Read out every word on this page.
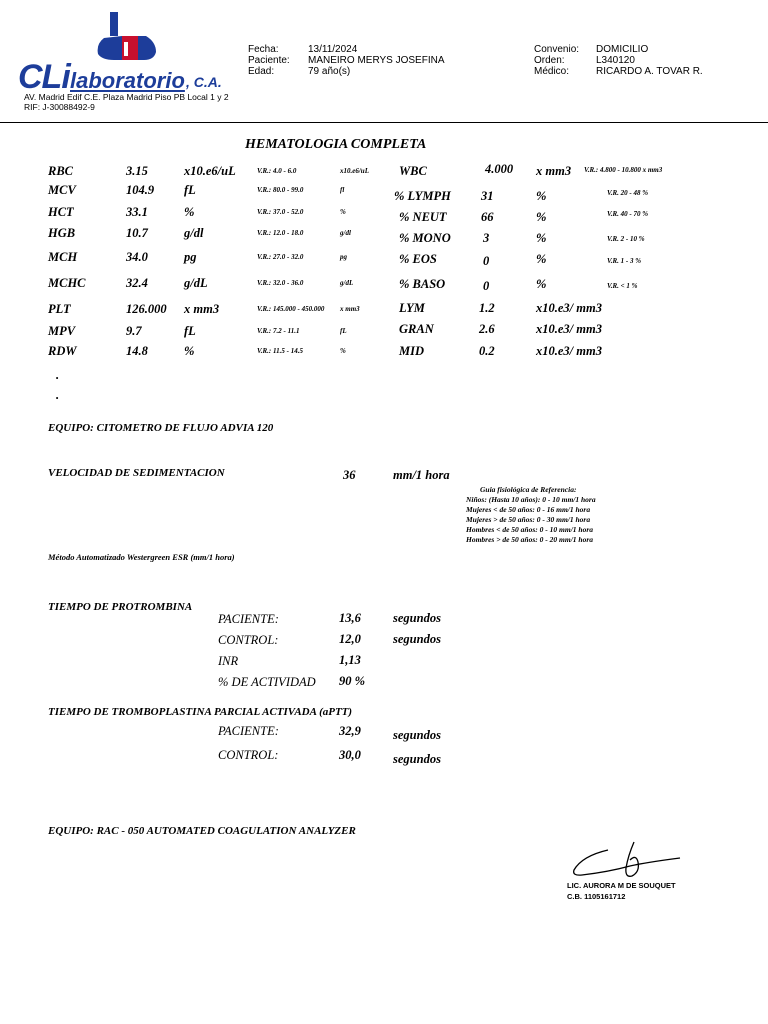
CLi laboratorio , C.A.
AV. Madrid Edif C.E. Plaza Madrid Piso PB Local 1 y 2
RIF: J-30088492-9
Fecha:	13/11/2024
Paciente: MANEIRO MERYS JOSEFINA
Edad:	79 año(s)
Convenio: DOMICILIO
Orden:	L340120
Médico:	RICARDO A. TOVAR R.
HEMATOLOGIA COMPLETA
RBC	3.15	x10.e6/uL	V.R.: 4.0 - 6.0	x10.e6/uL
MCV	104.9 fL	V.R.: 80.0 - 99.0	fl
HCT	33.1	%	V.R.: 37.0 - 52.0	%
HGB	10.7	g/dl	V.R.: 12.0 - 18.0	g/dl
MCH	34.0	pg	V.R.: 27.0 - 32.0	pg
MCHC	32.4	g/dL	V.R.: 32.0 - 36.0	g/dL
PLT	126.000 x mm3	V.R.: 145.000 - 450.000 x mm3
MPV	9.7	fL	V.R.: 7.2 - 11.1	fL
RDW	14.8	%	V.R.: 11.5 - 14.5	%
WBC	4.000 x mm3 V.R.: 4.800 - 10.800 x mm3
% LYMPH 31	%	V.R. 20 - 48 %
% NEUT	66	%	V.R. 40 - 70 %
% MONO	3	%	V.R. 2 - 10 %
% EOS	0	%	V.R. 1 - 3 %
% BASO	0	%	V.R. < 1 %
LYM	1.2	x10.e3/ mm3
GRAN	2.6	x10.e3/ mm3
MID	0.2	x10.e3/ mm3
.
.
EQUIPO: CITOMETRO DE FLUJO ADVIA 120
VELOCIDAD DE SEDIMENTACION	36	mm/1 hora
Guia fisiológica de Referencia:
Niños: (Hasta 10 años): 0 - 10 mm/1 hora
Mujeres < de 50 años: 0 - 16 mm/1 hora
Mujeres > de 50 años: 0 - 30 mm/1 hora
Hombres < de 50 años: 0 - 10 mm/1 hora
Hombres > de 50 años: 0 - 20 mm/1 hora
Método Automatizado Westergreen ESR (mm/1 hora)
TIEMPO DE PROTROMBINA
PACIENTE:	13,6	segundos
CONTROL:	12,0	segundos
INR	1,13
% DE ACTIVIDAD 90 %
TIEMPO DE TROMBOPLASTINA PARCIAL ACTIVADA (aPTT)
PACIENTE:	32,9	segundos
CONTROL:	30,0	segundos
EQUIPO: RAC - 050 AUTOMATED COAGULATION ANALYZER
LIC. AURORA M DE SOUQUET
C.B. 1105161712
